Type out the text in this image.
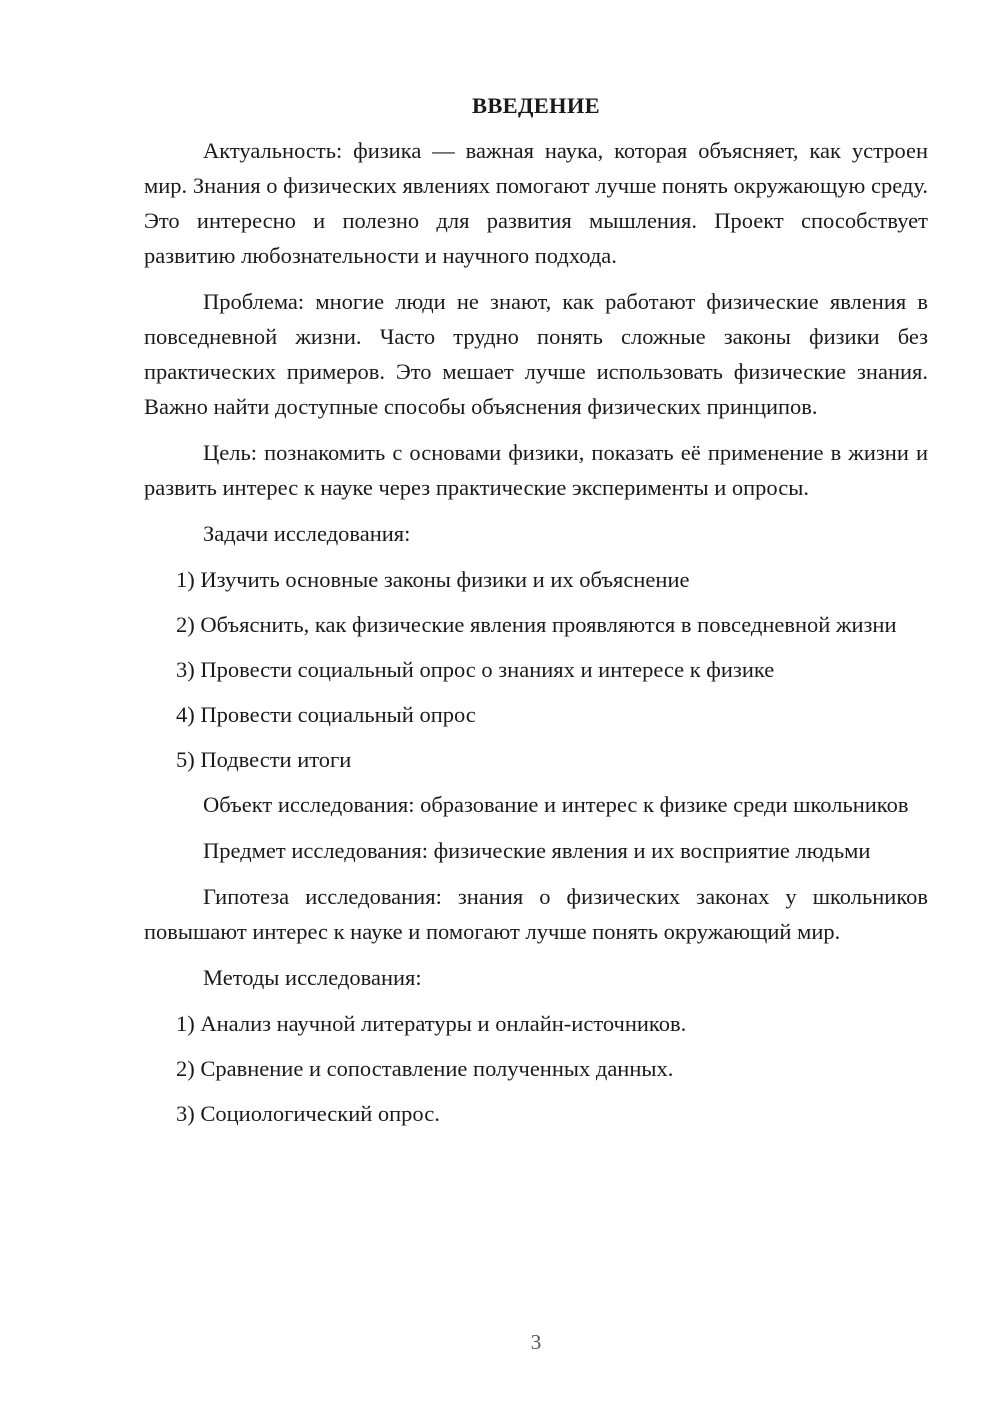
ВВЕДЕНИЕ

Актуальность: физика — важная наука, которая объясняет, как устроен мир. Знания о физических явлениях помогают лучше понять окружающую среду. Это интересно и полезно для развития мышления. Проект способствует развитию любознательности и научного подхода.

Проблема: многие люди не знают, как работают физические явления в повседневной жизни. Часто трудно понять сложные законы физики без практических примеров. Это мешает лучше использовать физические знания. Важно найти доступные способы объяснения физических принципов.

Цель: познакомить с основами физики, показать её применение в жизни и развить интерес к науке через практические эксперименты и опросы.

Задачи исследования:

1) Изучить основные законы физики и их объяснение

2) Объяснить, как физические явления проявляются в повседневной жизни

3) Провести социальный опрос о знаниях и интересе к физике

4) Провести социальный опрос

5) Подвести итоги

Объект исследования: образование и интерес к физике среди школьников

Предмет исследования: физические явления и их восприятие людьми

Гипотеза исследования: знания о физических законах у школьников повышают интерес к науке и помогают лучше понять окружающий мир.

Методы исследования:

1) Анализ научной литературы и онлайн-источников.

2) Сравнение и сопоставление полученных данных.

3) Социологический опрос.

3
